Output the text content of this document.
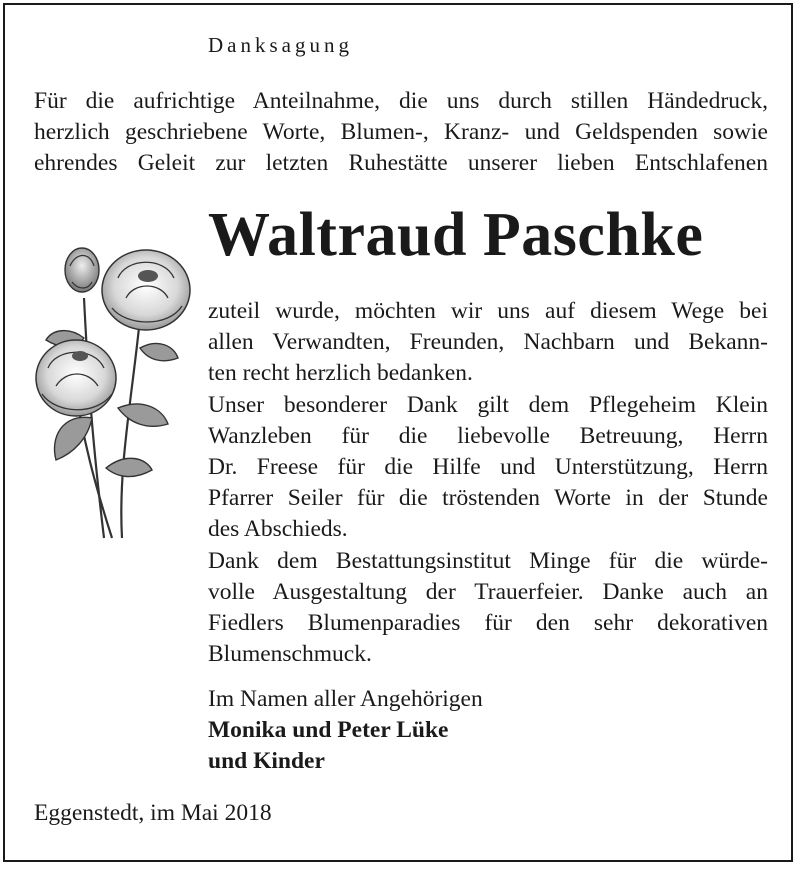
Danksagung
Für die aufrichtige Anteilnahme, die uns durch stillen Händedruck,
herzlich geschriebene Worte, Blumen-, Kranz- und Geldspenden sowie
ehrendes Geleit zur letzten Ruhestätte unserer lieben Entschlafenen
Waltraud Paschke
zuteil wurde, möchten wir uns auf diesem Wege bei
allen Verwandten, Freunden, Nachbarn und Bekann-
ten recht herzlich bedanken.
Unser besonderer Dank gilt dem Pflegeheim Klein
Wanzleben für die liebevolle Betreuung, Herrn
Dr. Freese für die Hilfe und Unterstützung, Herrn
Pfarrer Seiler für die tröstenden Worte in der Stunde
des Abschieds.
Dank dem Bestattungsinstitut Minge für die würde-
volle Ausgestaltung der Trauerfeier. Danke auch an
Fiedlers Blumenparadies für den sehr dekorativen
Blumenschmuck.
Im Namen aller Angehörigen
Monika und Peter Lüke
und Kinder
Eggenstedt, im Mai 2018
